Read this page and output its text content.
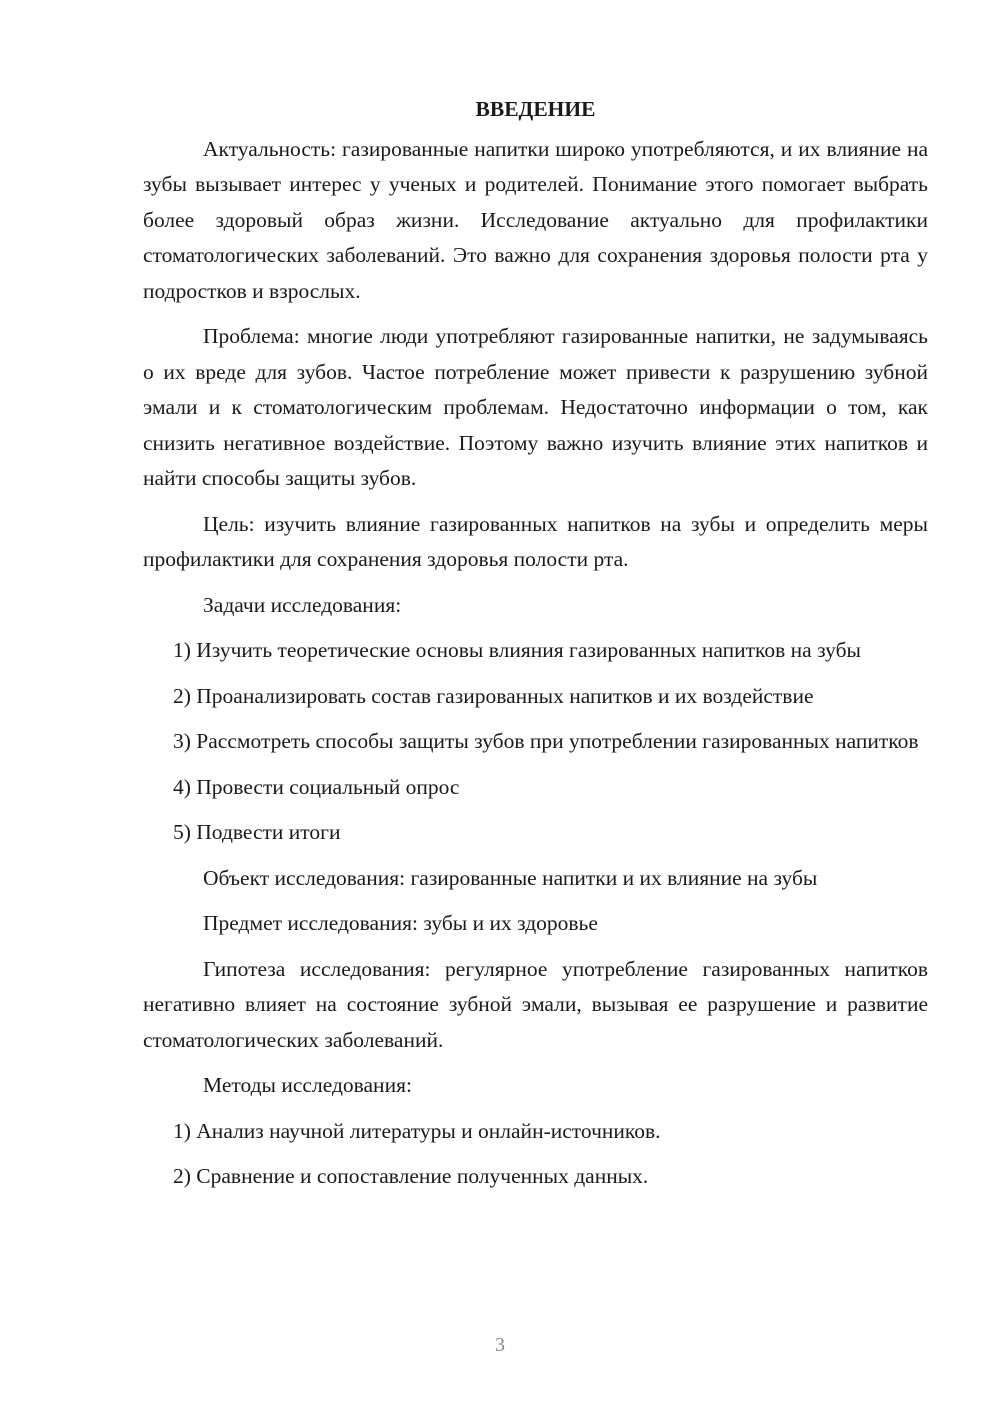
ВВЕДЕНИЕ

Актуальность: газированные напитки широко употребляются, и их влияние на зубы вызывает интерес у ученых и родителей. Понимание этого помогает выбрать более здоровый образ жизни. Исследование актуально для профилактики стоматологических заболеваний. Это важно для сохранения здоровья полости рта у подростков и взрослых.

Проблема: многие люди употребляют газированные напитки, не задумываясь о их вреде для зубов. Частое потребление может привести к разрушению зубной эмали и к стоматологическим проблемам. Недостаточно информации о том, как снизить негативное воздействие. Поэтому важно изучить влияние этих напитков и найти способы защиты зубов.

Цель: изучить влияние газированных напитков на зубы и определить меры профилактики для сохранения здоровья полости рта.

Задачи исследования:

1) Изучить теоретические основы влияния газированных напитков на зубы

2) Проанализировать состав газированных напитков и их воздействие

3) Рассмотреть способы защиты зубов при употреблении газированных напитков

4) Провести социальный опрос

5) Подвести итоги

Объект исследования: газированные напитки и их влияние на зубы
Предмет исследования: зубы и их здоровье

Гипотеза исследования: регулярное употребление газированных напитков негативно влияет на состояние зубной эмали, вызывая ее разрушение и развитие стоматологических заболеваний.

Методы исследования:

1) Анализ научной литературы и онлайн-источников.

2) Сравнение и сопоставление полученных данных.

3
